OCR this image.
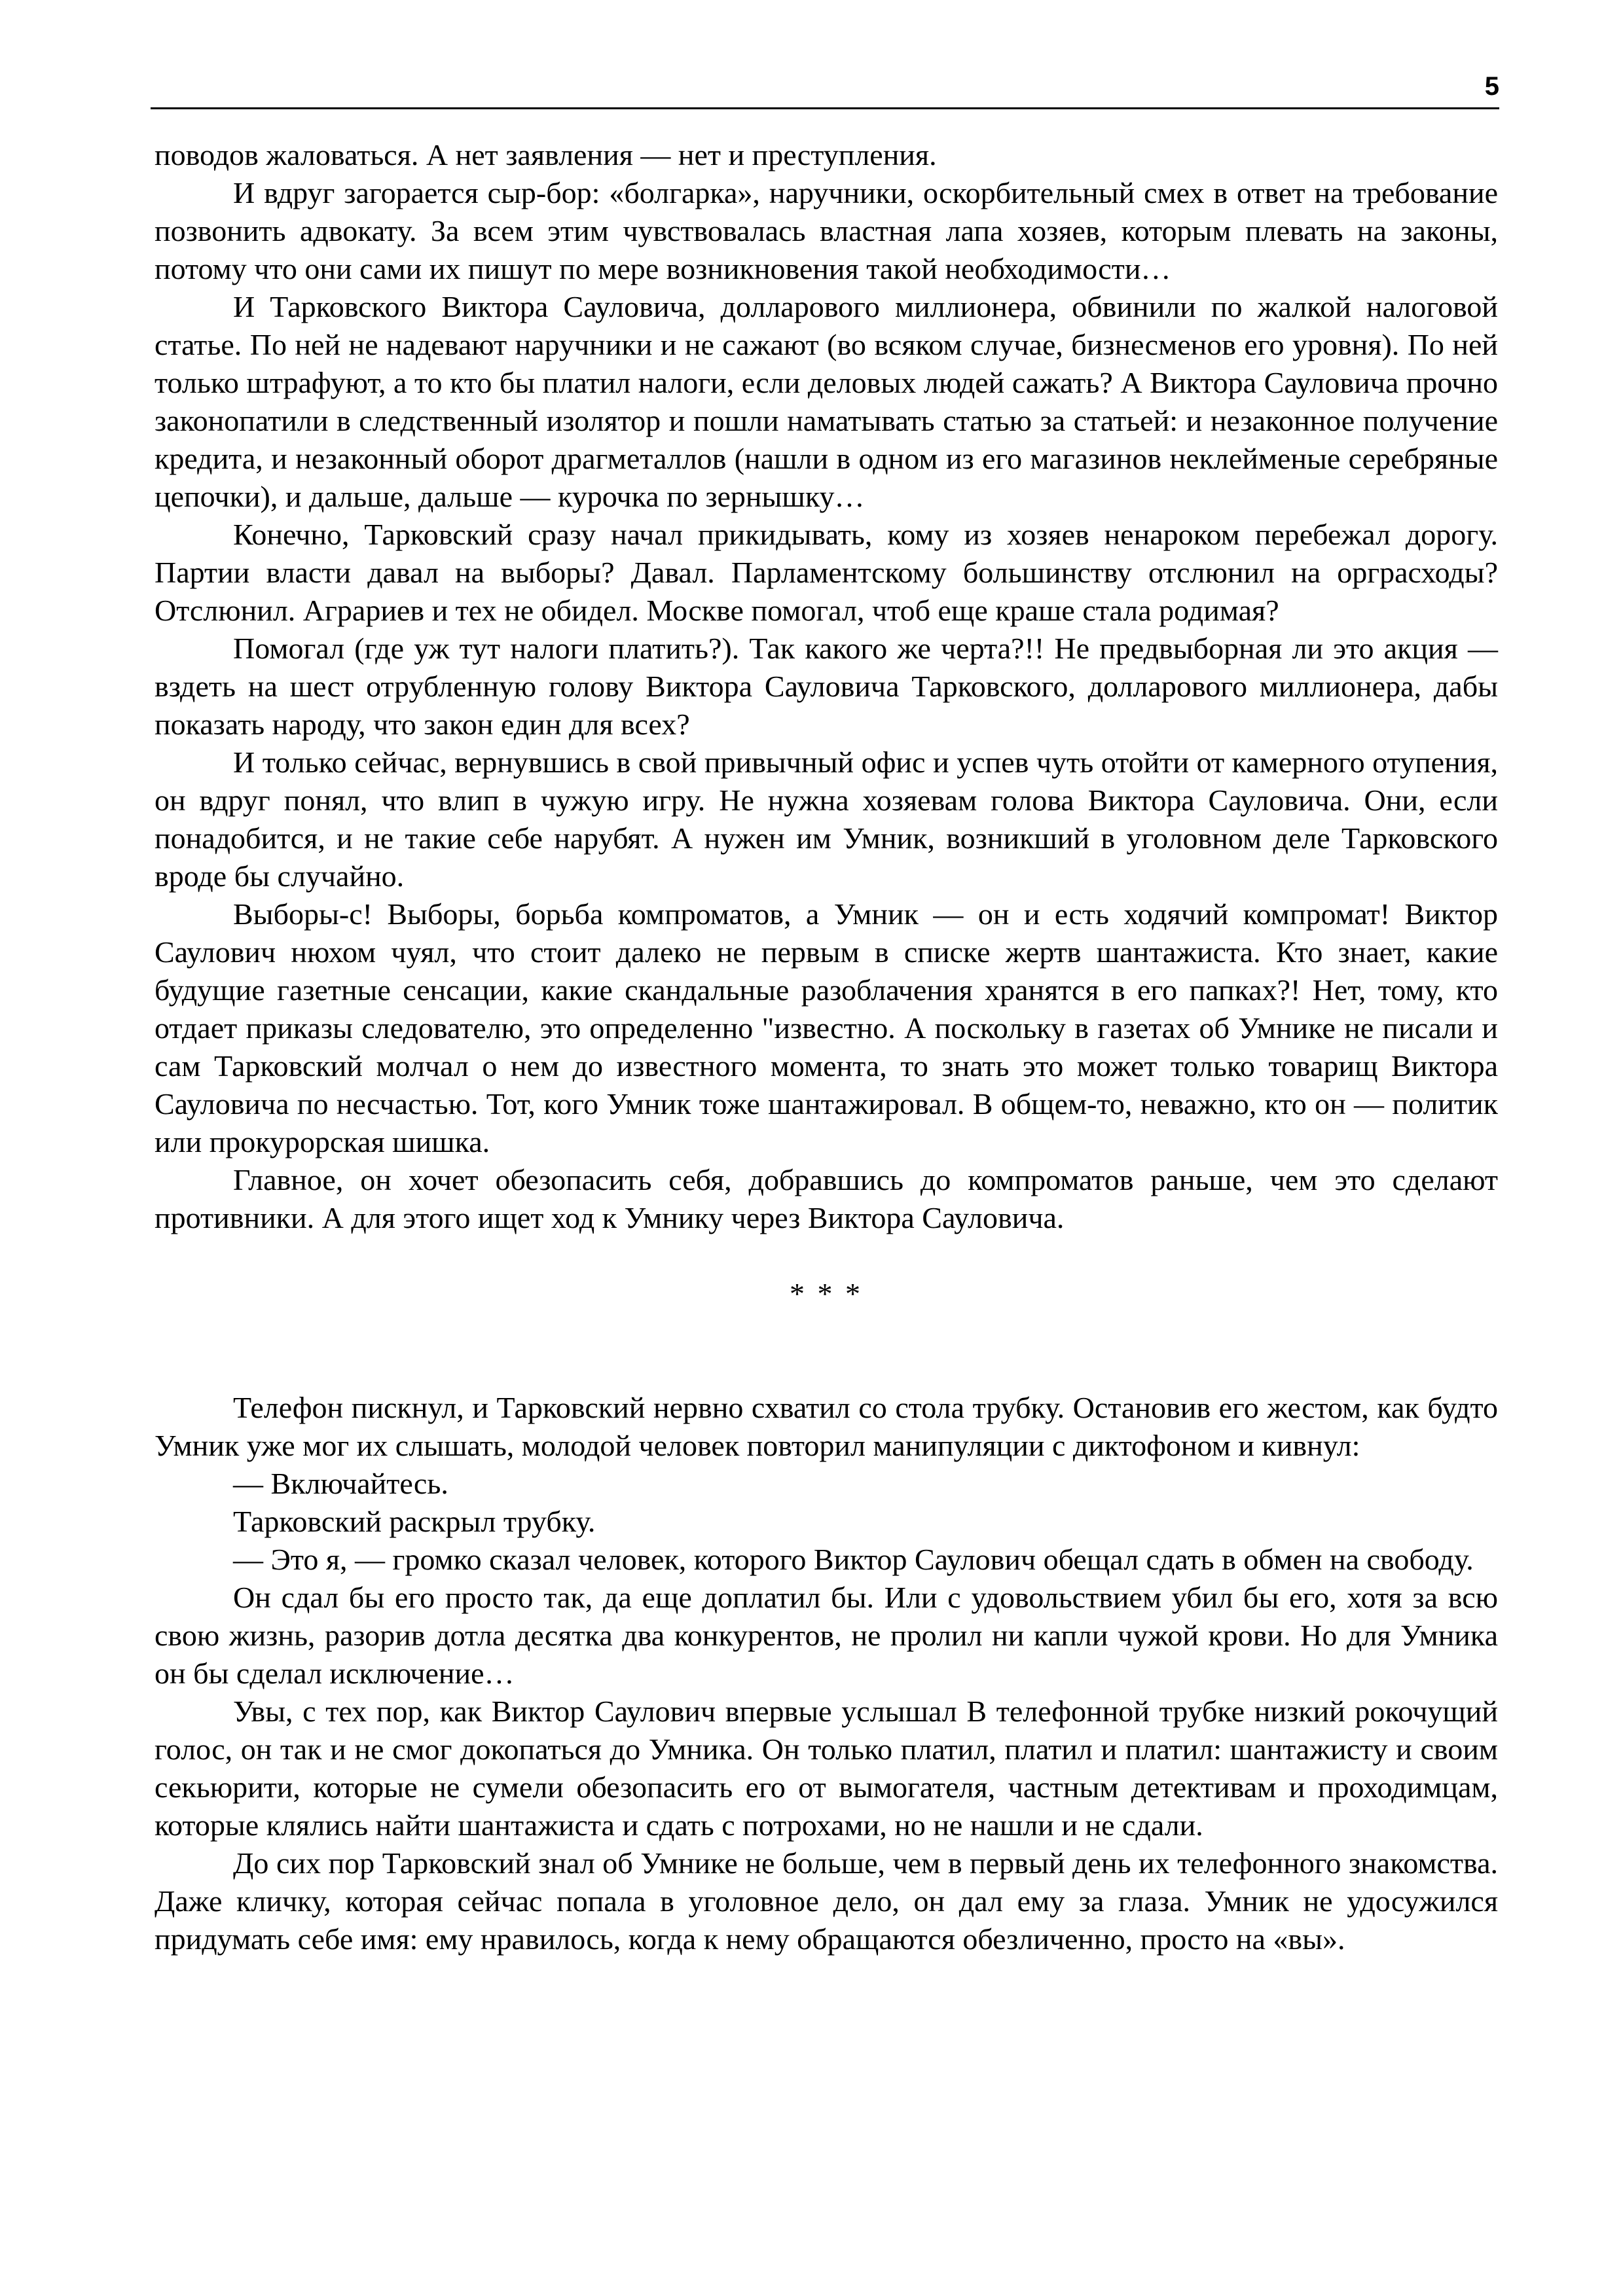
5

поводов жаловаться. А нет заявления — нет и преступления.

И вдруг загорается сыр-бор: «болгарка», наручники, оскорбительный смех в ответ на требование позвонить адвокату. За всем этим чувствовалась властная лапа хозяев, которым плевать на законы, потому что они сами их пишут по мере возникновения такой необходимости…

И Тарковского Виктора Сауловича, долларового миллионера, обвинили по жалкой налоговой статье. По ней не надевают наручники и не сажают (во всяком случае, бизнесменов его уровня). По ней только штрафуют, а то кто бы платил налоги, если деловых людей сажать? А Виктора Сауловича прочно законопатили в следственный изолятор и пошли наматывать статью за статьей: и незаконное получение кредита, и незаконный оборот драгметаллов (нашли в одном из его магазинов неклейменые серебряные цепочки), и дальше, дальше — курочка по зернышку…

Конечно, Тарковский сразу начал прикидывать, кому из хозяев ненароком перебежал дорогу. Партии власти давал на выборы? Давал. Парламентскому большинству отслюнил на орграсходы? Отслюнил. Аграриев и тех не обидел. Москве помогал, чтоб еще краше стала родимая?

Помогал (где уж тут налоги платить?). Так какого же черта?!! Не предвыборная ли это акция — вздеть на шест отрубленную голову Виктора Сауловича Тарковского, долларового миллионера, дабы показать народу, что закон един для всех?

И только сейчас, вернувшись в свой привычный офис и успев чуть отойти от камерного отупения, он вдруг понял, что влип в чужую игру. Не нужна хозяевам голова Виктора Сауловича. Они, если понадобится, и не такие себе нарубят. А нужен им Умник, возникший в уголовном деле Тарковского вроде бы случайно.

Выборы-с! Выборы, борьба компроматов, а Умник — он и есть ходячий компромат! Виктор Саулович нюхом чуял, что стоит далеко не первым в списке жертв шантажиста. Кто знает, какие будущие газетные сенсации, какие скандальные разоблачения хранятся в его папках?! Нет, тому, кто отдает приказы следователю, это определенно "известно. А поскольку в газетах об Умнике не писали и сам Тарковский молчал о нем до известного момента, то знать это может только товарищ Виктора Сауловича по несчастью. Тот, кого Умник тоже шантажировал. В общем-то, неважно, кто он — политик или прокурорская шишка.

Главное, он хочет обезопасить себя, добравшись до компроматов раньше, чем это сделают противники. А для этого ищет ход к Умнику через Виктора Сауловича.

* * *

Телефон пискнул, и Тарковский нервно схватил со стола трубку. Остановив его жестом, как будто Умник уже мог их слышать, молодой человек повторил манипуляции с диктофоном и кивнул:

— Включайтесь.

Тарковский раскрыл трубку.

— Это я, — громко сказал человек, которого Виктор Саулович обещал сдать в обмен на свободу.

Он сдал бы его просто так, да еще доплатил бы. Или с удовольствием убил бы его, хотя за всю свою жизнь, разорив дотла десятка два конкурентов, не пролил ни капли чужой крови. Но для Умника он бы сделал исключение…

Увы, с тех пор, как Виктор Саулович впервые услышал В телефонной трубке низкий рокочущий голос, он так и не смог докопаться до Умника. Он только платил, платил и платил: шантажисту и своим секьюрити, которые не сумели обезопасить его от вымогателя, частным детективам и проходимцам, которые клялись найти шантажиста и сдать с потрохами, но не нашли и не сдали.

До сих пор Тарковский знал об Умнике не больше, чем в первый день их телефонного знакомства. Даже кличку, которая сейчас попала в уголовное дело, он дал ему за глаза. Умник не удосужился придумать себе имя: ему нравилось, когда к нему обращаются обезличенно, просто на «вы».
